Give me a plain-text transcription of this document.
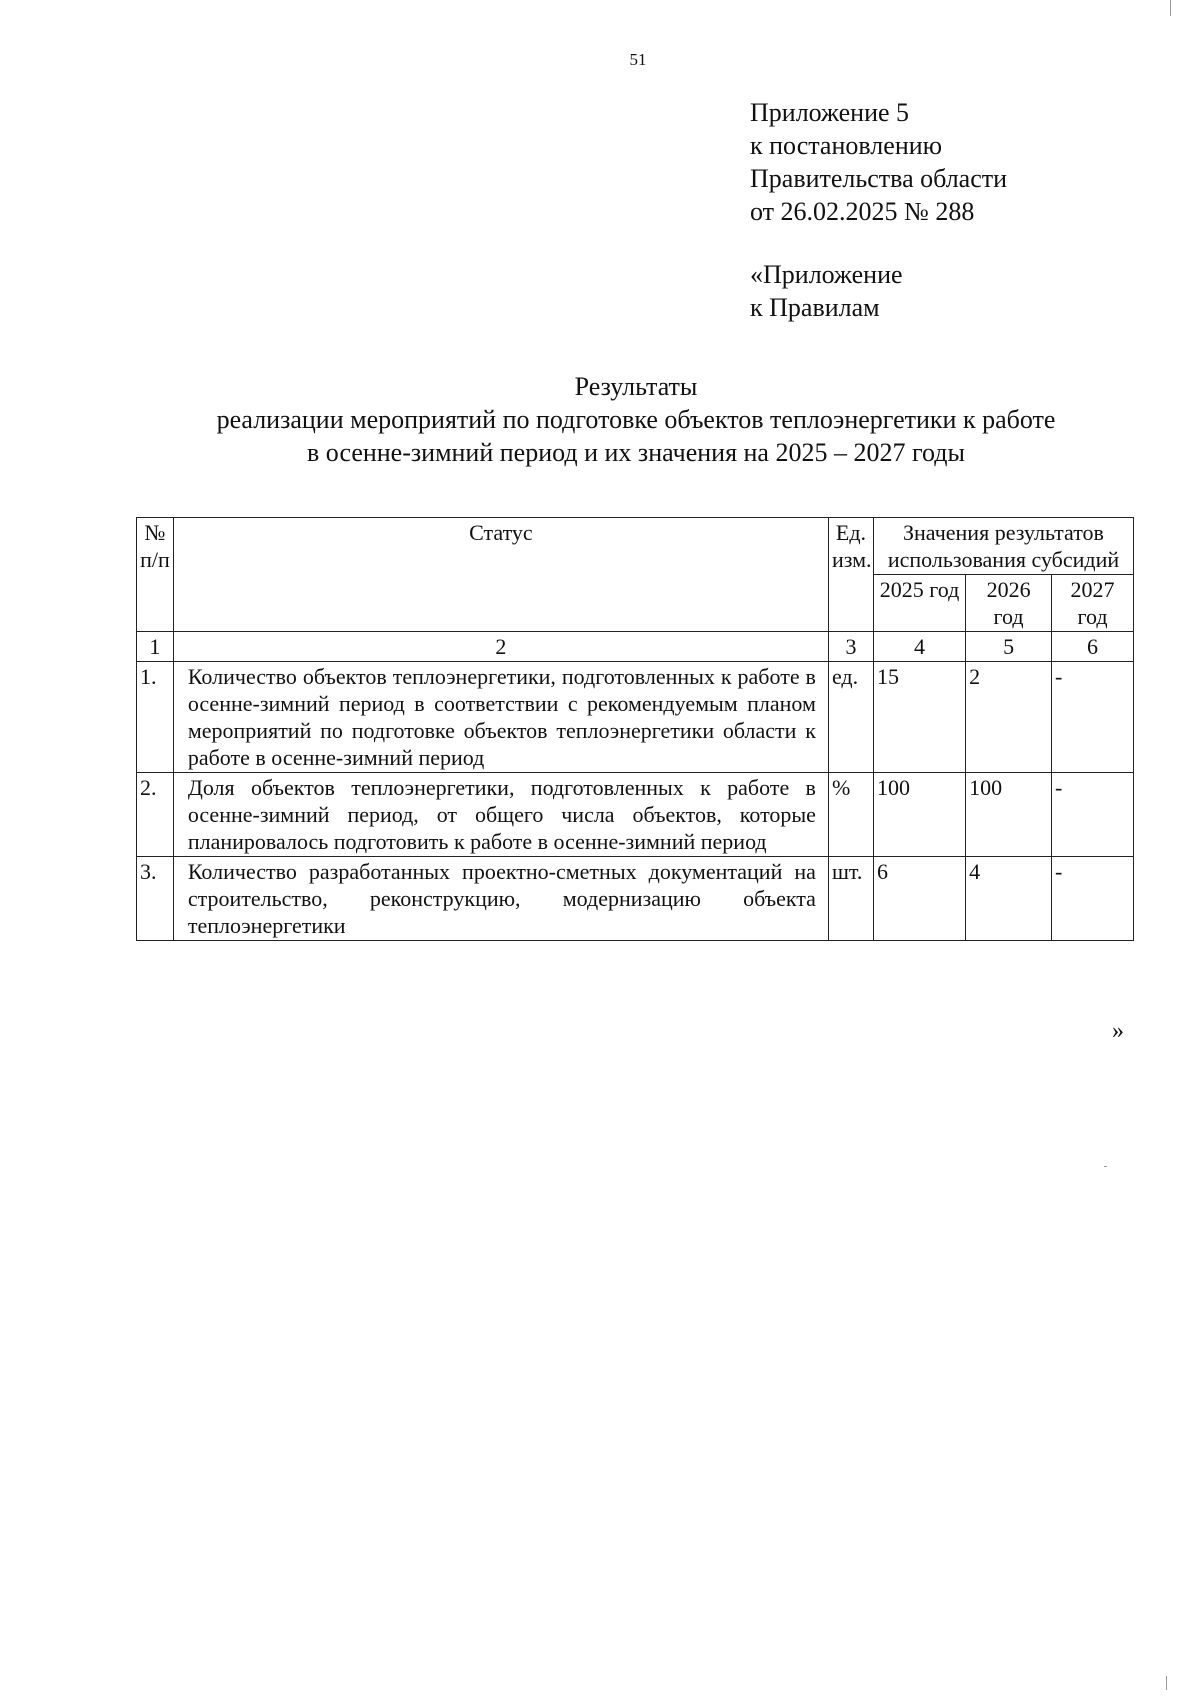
51
Приложение 5
к постановлению
Правительства области
от 26.02.2025 № 288
«Приложение
к Правилам
Результаты
реализации мероприятий по подготовке объектов теплоэнергетики к работе
в осенне-зимний период и их значения на 2025 – 2027 годы
№ п/п	Статус	Ед. изм.	Значения результатов использования субсидий		
			2025 год	2026 год	2027 год
1	2	3	4	5	6
1.	Количество объектов теплоэнергетики, подготовленных к работе в осенне-зимний период в соответствии с рекомендуемым планом мероприятий по подготовке объектов теплоэнергетики области к работе в осенне-зимний период	ед.	15	2	-
2.	Доля объектов теплоэнергетики, подготовленных к работе в осенне-зимний период, от общего числа объектов, которые планировалось подготовить к работе в осенне-зимний период	%	100	100	-
3.	Количество разработанных проектно-сметных документаций на строительство, реконструкцию, модернизацию объекта теплоэнергетики	шт.	6	4	-
»
